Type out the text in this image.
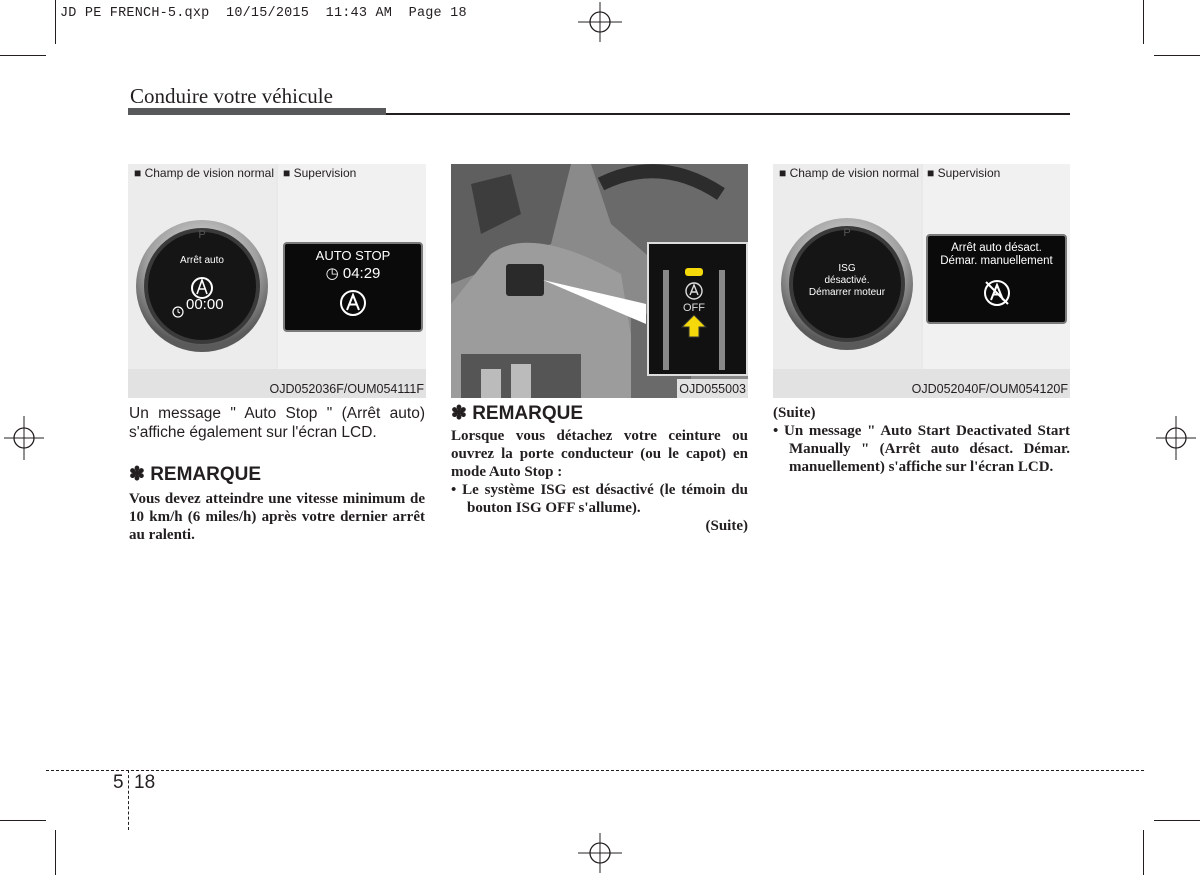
JD PE FRENCH-5.qxp  10/15/2015  11:43 AM  Page 18
Conduire votre véhicule
■ Champ de vision normal	■ Supervision
P
Arrêt auto
00:00
AUTO STOP
◷ 04:29
OJD052036F/OUM054111F
OFF
OJD055003
■ Champ de vision normal	■ Supervision
P
ISG
désactivé.
Démarrer moteur
Arrêt auto désact.
Démar. manuellement
OJD052040F/OUM054120F
Un message " Auto Stop " (Arrêt auto) s'affiche également sur l'écran LCD.
✽ REMARQUE
Vous devez atteindre une vitesse minimum de 10 km/h (6 miles/h) après votre dernier arrêt au ralenti.
✽ REMARQUE
Lorsque vous détachez votre ceinture ou ouvrez la porte conducteur (ou le capot) en mode Auto Stop :
• Le système ISG est désactivé (le témoin du bouton ISG OFF s'allume).
(Suite)
(Suite)
• Un message " Auto Start Deactivated Start Manually " (Arrêt auto désact. Démar. manuellement) s'affiche sur l'écran LCD.
5 18
